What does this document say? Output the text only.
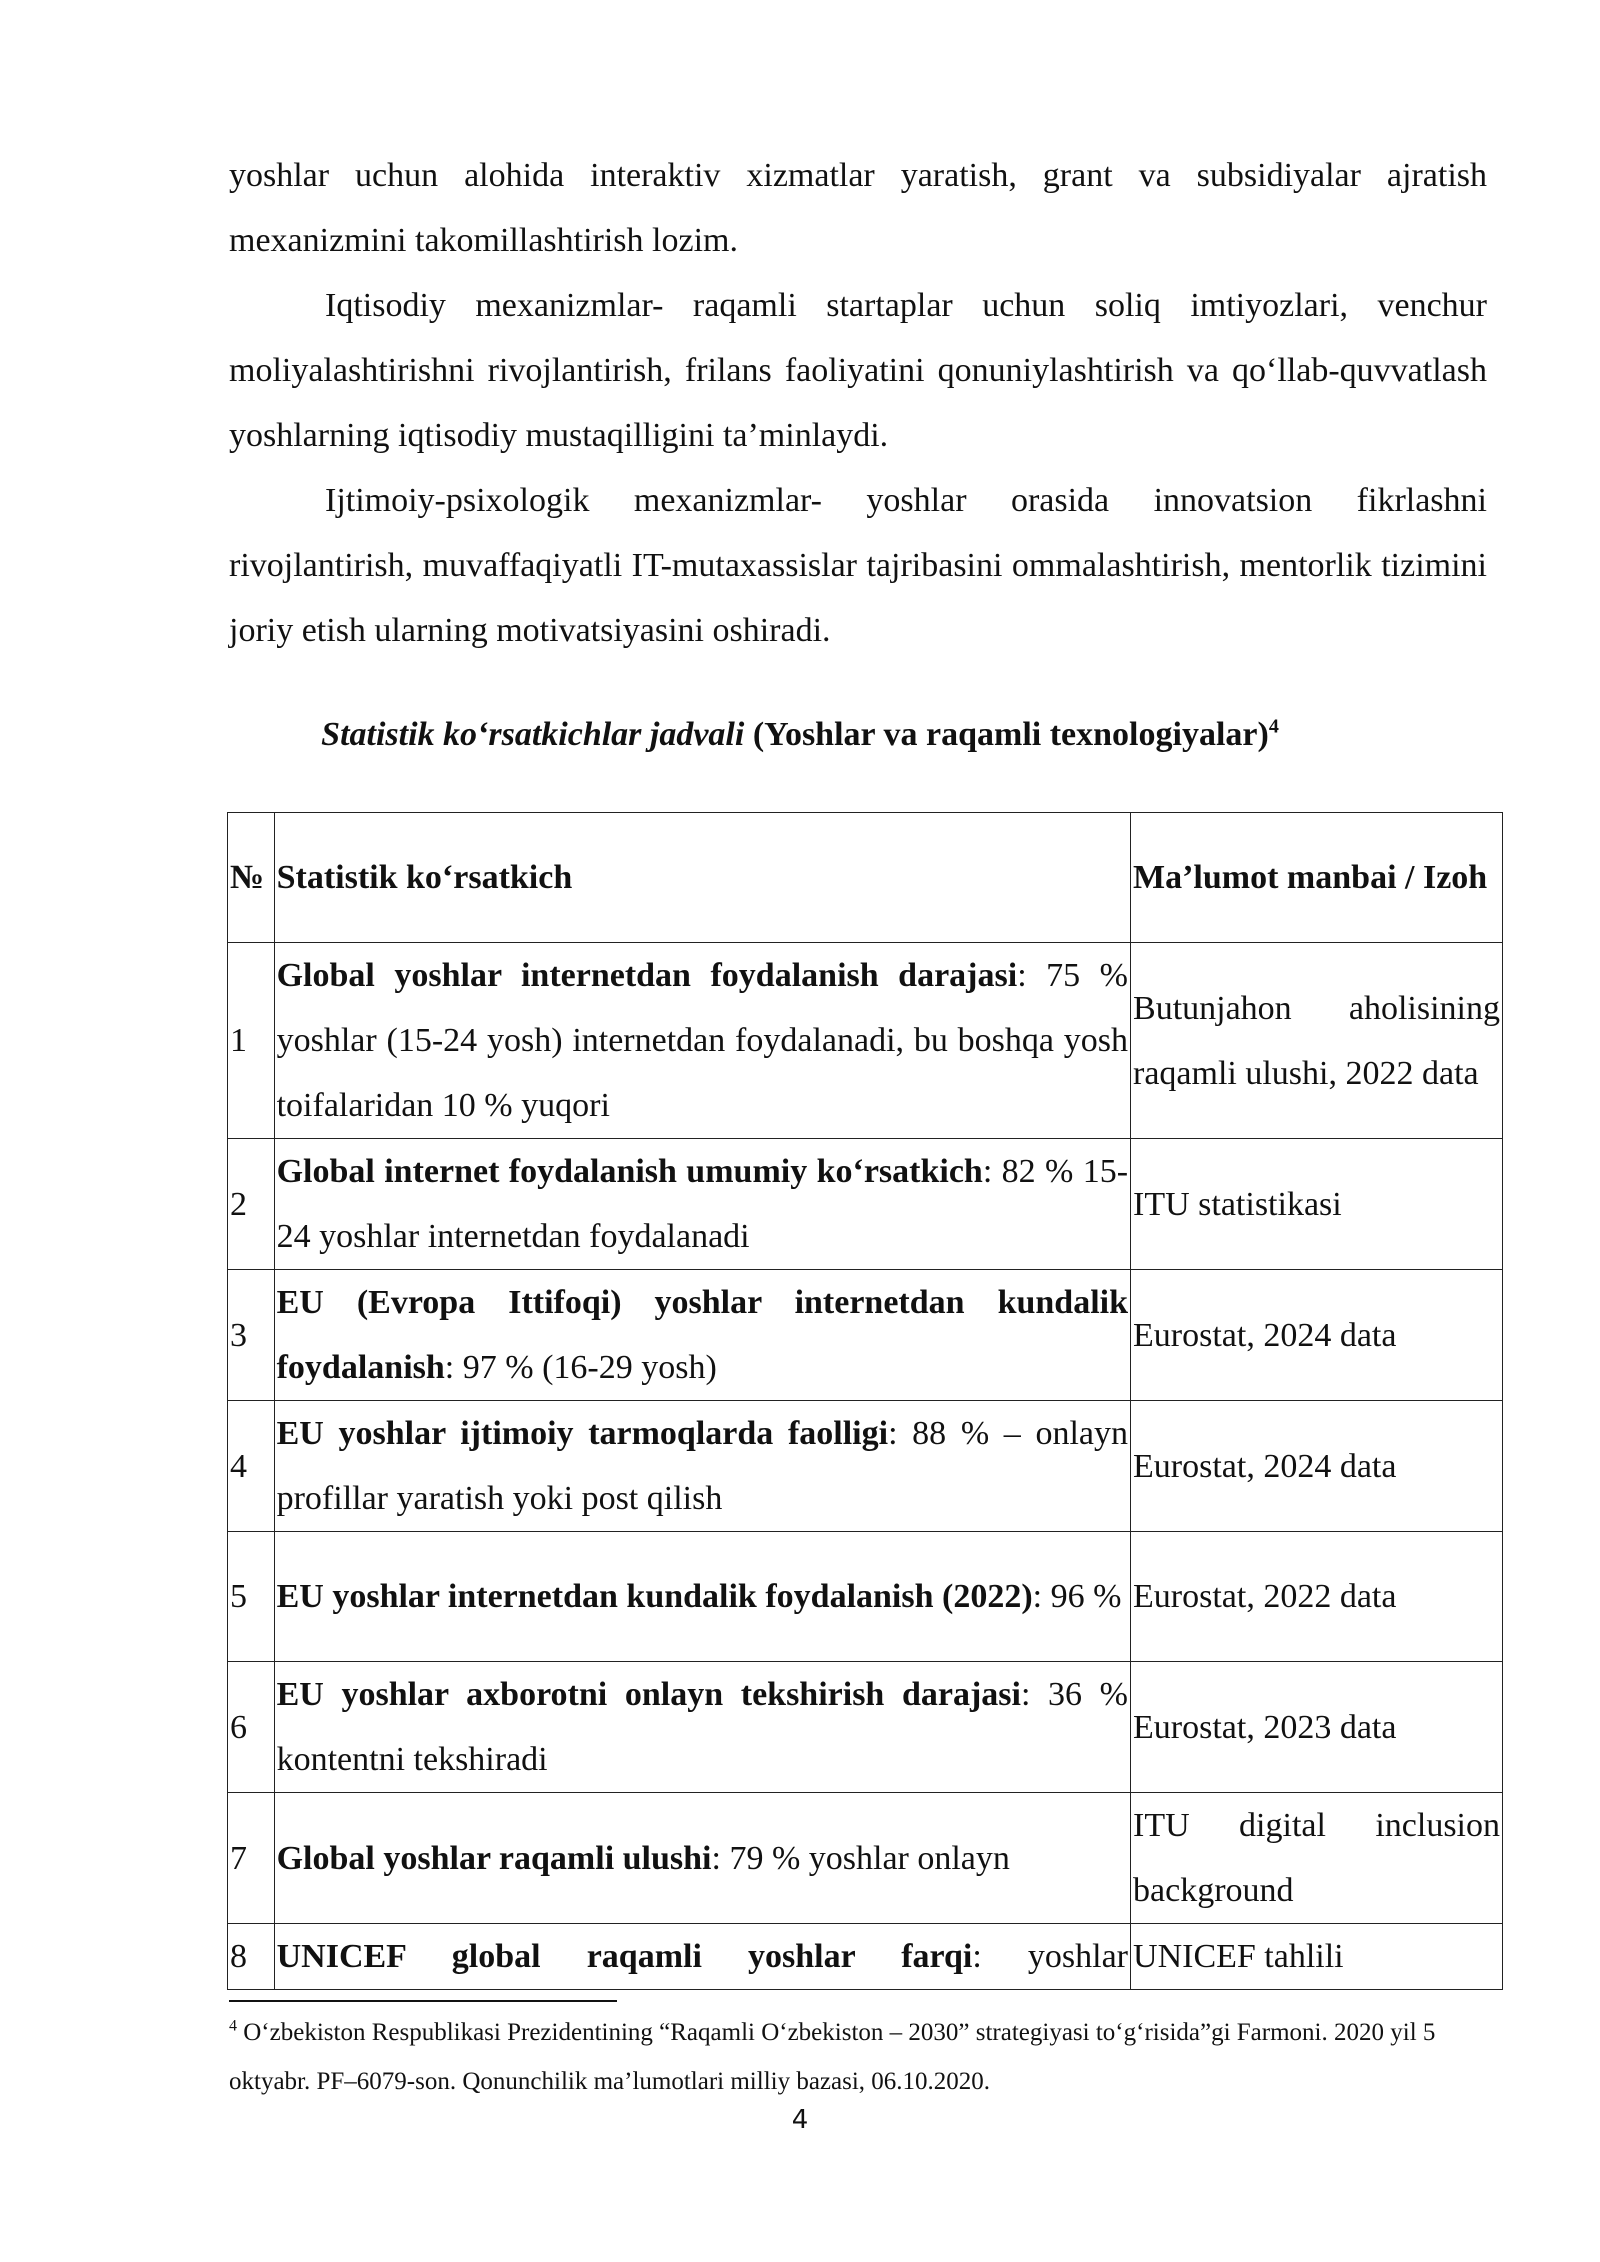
yoshlar uchun alohida interaktiv xizmatlar yaratish, grant va subsidiyalar ajratish mexanizmini takomillashtirish lozim.

Iqtisodiy mexanizmlar- raqamli startaplar uchun soliq imtiyozlari, venchur moliyalashtirishni rivojlantirish, frilans faoliyatini qonuniylashtirish va qo‘llab-quvvatlash yoshlarning iqtisodiy mustaqilligini ta’minlaydi.

Ijtimoiy-psixologik mexanizmlar- yoshlar orasida innovatsion fikrlashni rivojlantirish, muvaffaqiyatli IT-mutaxassislar tajribasini ommalashtirish, mentorlik tizimini joriy etish ularning motivatsiyasini oshiradi.

Statistik ko‘rsatkichlar jadvali (Yoshlar va raqamli texnologiyalar)$^4$

№	Statistik ko‘rsatkich	Ma’lumot manbai / Izoh
1	Global yoshlar internetdan foydalanish darajasi: 75 % yoshlar (15-24 yosh) internetdan foydalanadi, bu boshqa yosh toifalaridan 10 % yuqori	Butunjahon aholisining raqamli ulushi, 2022 data
2	Global internet foydalanish umumiy ko‘rsatkich: 82 % 15-24 yoshlar internetdan foydalanadi	ITU statistikasi
3	EU (Evropa Ittifoqi) yoshlar internetdan kundalik foydalanish: 97 % (16-29 yosh)	Eurostat, 2024 data
4	EU yoshlar ijtimoiy tarmoqlarda faolligi: 88 % – onlayn profillar yaratish yoki post qilish	Eurostat, 2024 data
5	EU yoshlar internetdan kundalik foydalanish (2022): 96 %	Eurostat, 2022 data
6	EU yoshlar axborotni onlayn tekshirish darajasi: 36 % kontentni tekshiradi	Eurostat, 2023 data
7	Global yoshlar raqamli ulushi: 79 % yoshlar onlayn	ITU digital inclusion background
8	UNICEF global raqamli yoshlar farqi: yoshlar	UNICEF tahlili

$^4$ O‘zbekiston Respublikasi Prezidentining “Raqamli O‘zbekiston – 2030” strategiyasi to‘g‘risida”gi Farmoni. 2020 yil 5 oktyabr. PF–6079-son. Qonunchilik ma’lumotlari milliy bazasi, 06.10.2020.

4
